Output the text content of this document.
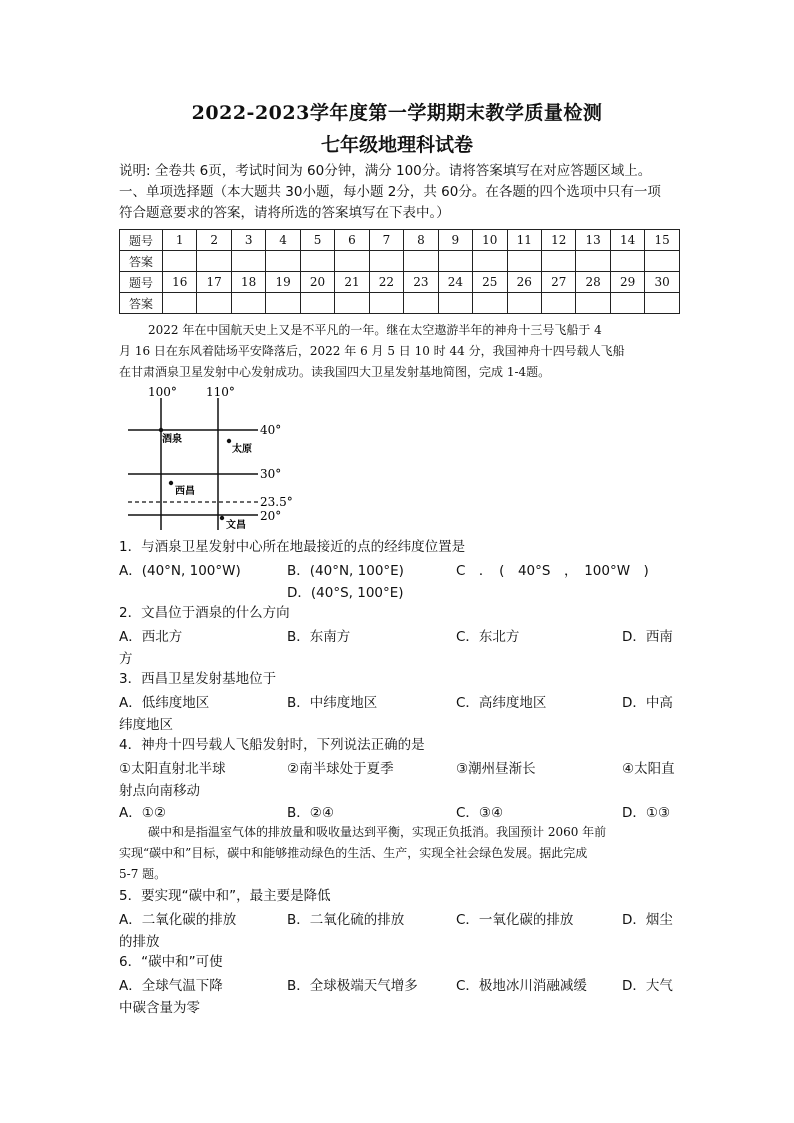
2022-2023学年度第一学期期末教学质量检测
七年级地理科试卷
说明: 全卷共 6页，考试时间为 60分钟，满分 100分。请将答案填写在对应答题区域上。
一、单项选择题（本大题共 30小题，每小题 2分，共 60分。在各题的四个选项中只有一项
符合题意要求的答案，请将所选的答案填写在下表中。）
题号	1	2	3	4	5	6	7	8	9	10	11	12	13	14	15
答案															
题号	16	17	18	19	20	21	22	23	24	25	26	27	28	29	30
答案															
2022 年在中国航天史上又是不平凡的一年。继在太空遨游半年的神舟十三号飞船于 4
月 16 日在东风着陆场平安降落后，2022 年 6 月 5 日 10 时 44 分，我国神舟十四号载人飞船
在甘肃酒泉卫星发射中心发射成功。读我国四大卫星发射基地简图，完成 1-4题。
100° 110°
40°
30°
23.5°
20°
酒泉
太原
西昌
文昌
1．与酒泉卫星发射中心所在地最接近的点的经纬度位置是
A．(40°N, 100°W)	B．(40°N, 100°E)	C　．　(　40°S　，　100°W　)
D．(40°S, 100°E)
2．文昌位于酒泉的什么方向
A．西北方	B．东南方	C．东北方	D．西南
方
3．西昌卫星发射基地位于
A．低纬度地区	B．中纬度地区	C．高纬度地区	D．中高
纬度地区
4．神舟十四号载人飞船发射时，下列说法正确的是
①太阳直射北半球	②南半球处于夏季	③潮州昼渐长	④太阳直
射点向南移动
A．①②	B．②④	C．③④	D．①③
碳中和是指温室气体的排放量和吸收量达到平衡，实现正负抵消。我国预计 2060 年前
实现“碳中和”目标，碳中和能够推动绿色的生活、生产，实现全社会绿色发展。据此完成
5-7 题。
5．要实现“碳中和”，最主要是降低
A．二氧化碳的排放	B．二氧化硫的排放	C．一氧化碳的排放	D．烟尘
的排放
6．“碳中和”可使
A．全球气温下降	B．全球极端天气增多	C．极地冰川消融减缓	D．大气
中碳含量为零
